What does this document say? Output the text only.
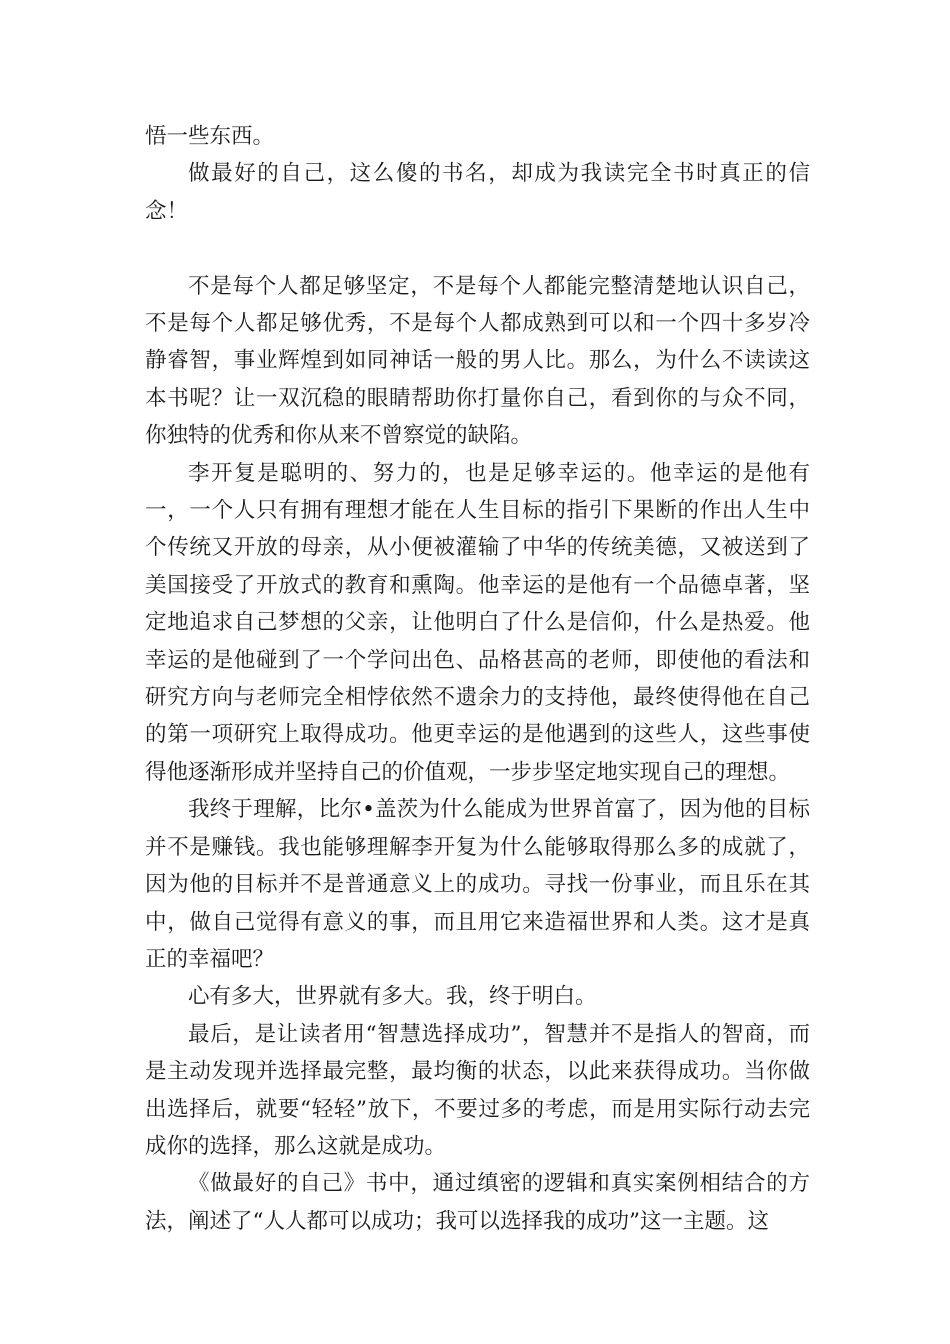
悟一些东西。

做最好的自己，这么傻的书名，却成为我读完全书时真正的信念！

不是每个人都足够坚定，不是每个人都能完整清楚地认识自己，不是每个人都足够优秀，不是每个人都成熟到可以和一个四十多岁冷静睿智，事业辉煌到如同神话一般的男人比。那么，为什么不读读这本书呢？让一双沉稳的眼睛帮助你打量你自己，看到你的与众不同，你独特的优秀和你从来不曾察觉的缺陷。

李开复是聪明的、努力的，也是足够幸运的。他幸运的是他有一，一个人只有拥有理想才能在人生目标的指引下果断的作出人生中个传统又开放的母亲，从小便被灌输了中华的传统美德，又被送到了美国接受了开放式的教育和熏陶。他幸运的是他有一个品德卓著，坚定地追求自己梦想的父亲，让他明白了什么是信仰，什么是热爱。他幸运的是他碰到了一个学问出色、品格甚高的老师，即使他的看法和研究方向与老师完全相悖依然不遗余力的支持他，最终使得他在自己的第一项研究上取得成功。他更幸运的是他遇到的这些人，这些事使得他逐渐形成并坚持自己的价值观，一步步坚定地实现自己的理想。

我终于理解，比尔•盖茨为什么能成为世界首富了，因为他的目标并不是赚钱。我也能够理解李开复为什么能够取得那么多的成就了，因为他的目标并不是普通意义上的成功。寻找一份事业，而且乐在其中，做自己觉得有意义的事，而且用它来造福世界和人类。这才是真正的幸福吧？

心有多大，世界就有多大。我，终于明白。

最后，是让读者用“智慧选择成功”，智慧并不是指人的智商，而是主动发现并选择最完整，最均衡的状态，以此来获得成功。当你做出选择后，就要“轻轻”放下，不要过多的考虑，而是用实际行动去完成你的选择，那么这就是成功。

《做最好的自己》书中，通过缜密的逻辑和真实案例相结合的方法，阐述了“人人都可以成功；我可以选择我的成功”这一主题。这
